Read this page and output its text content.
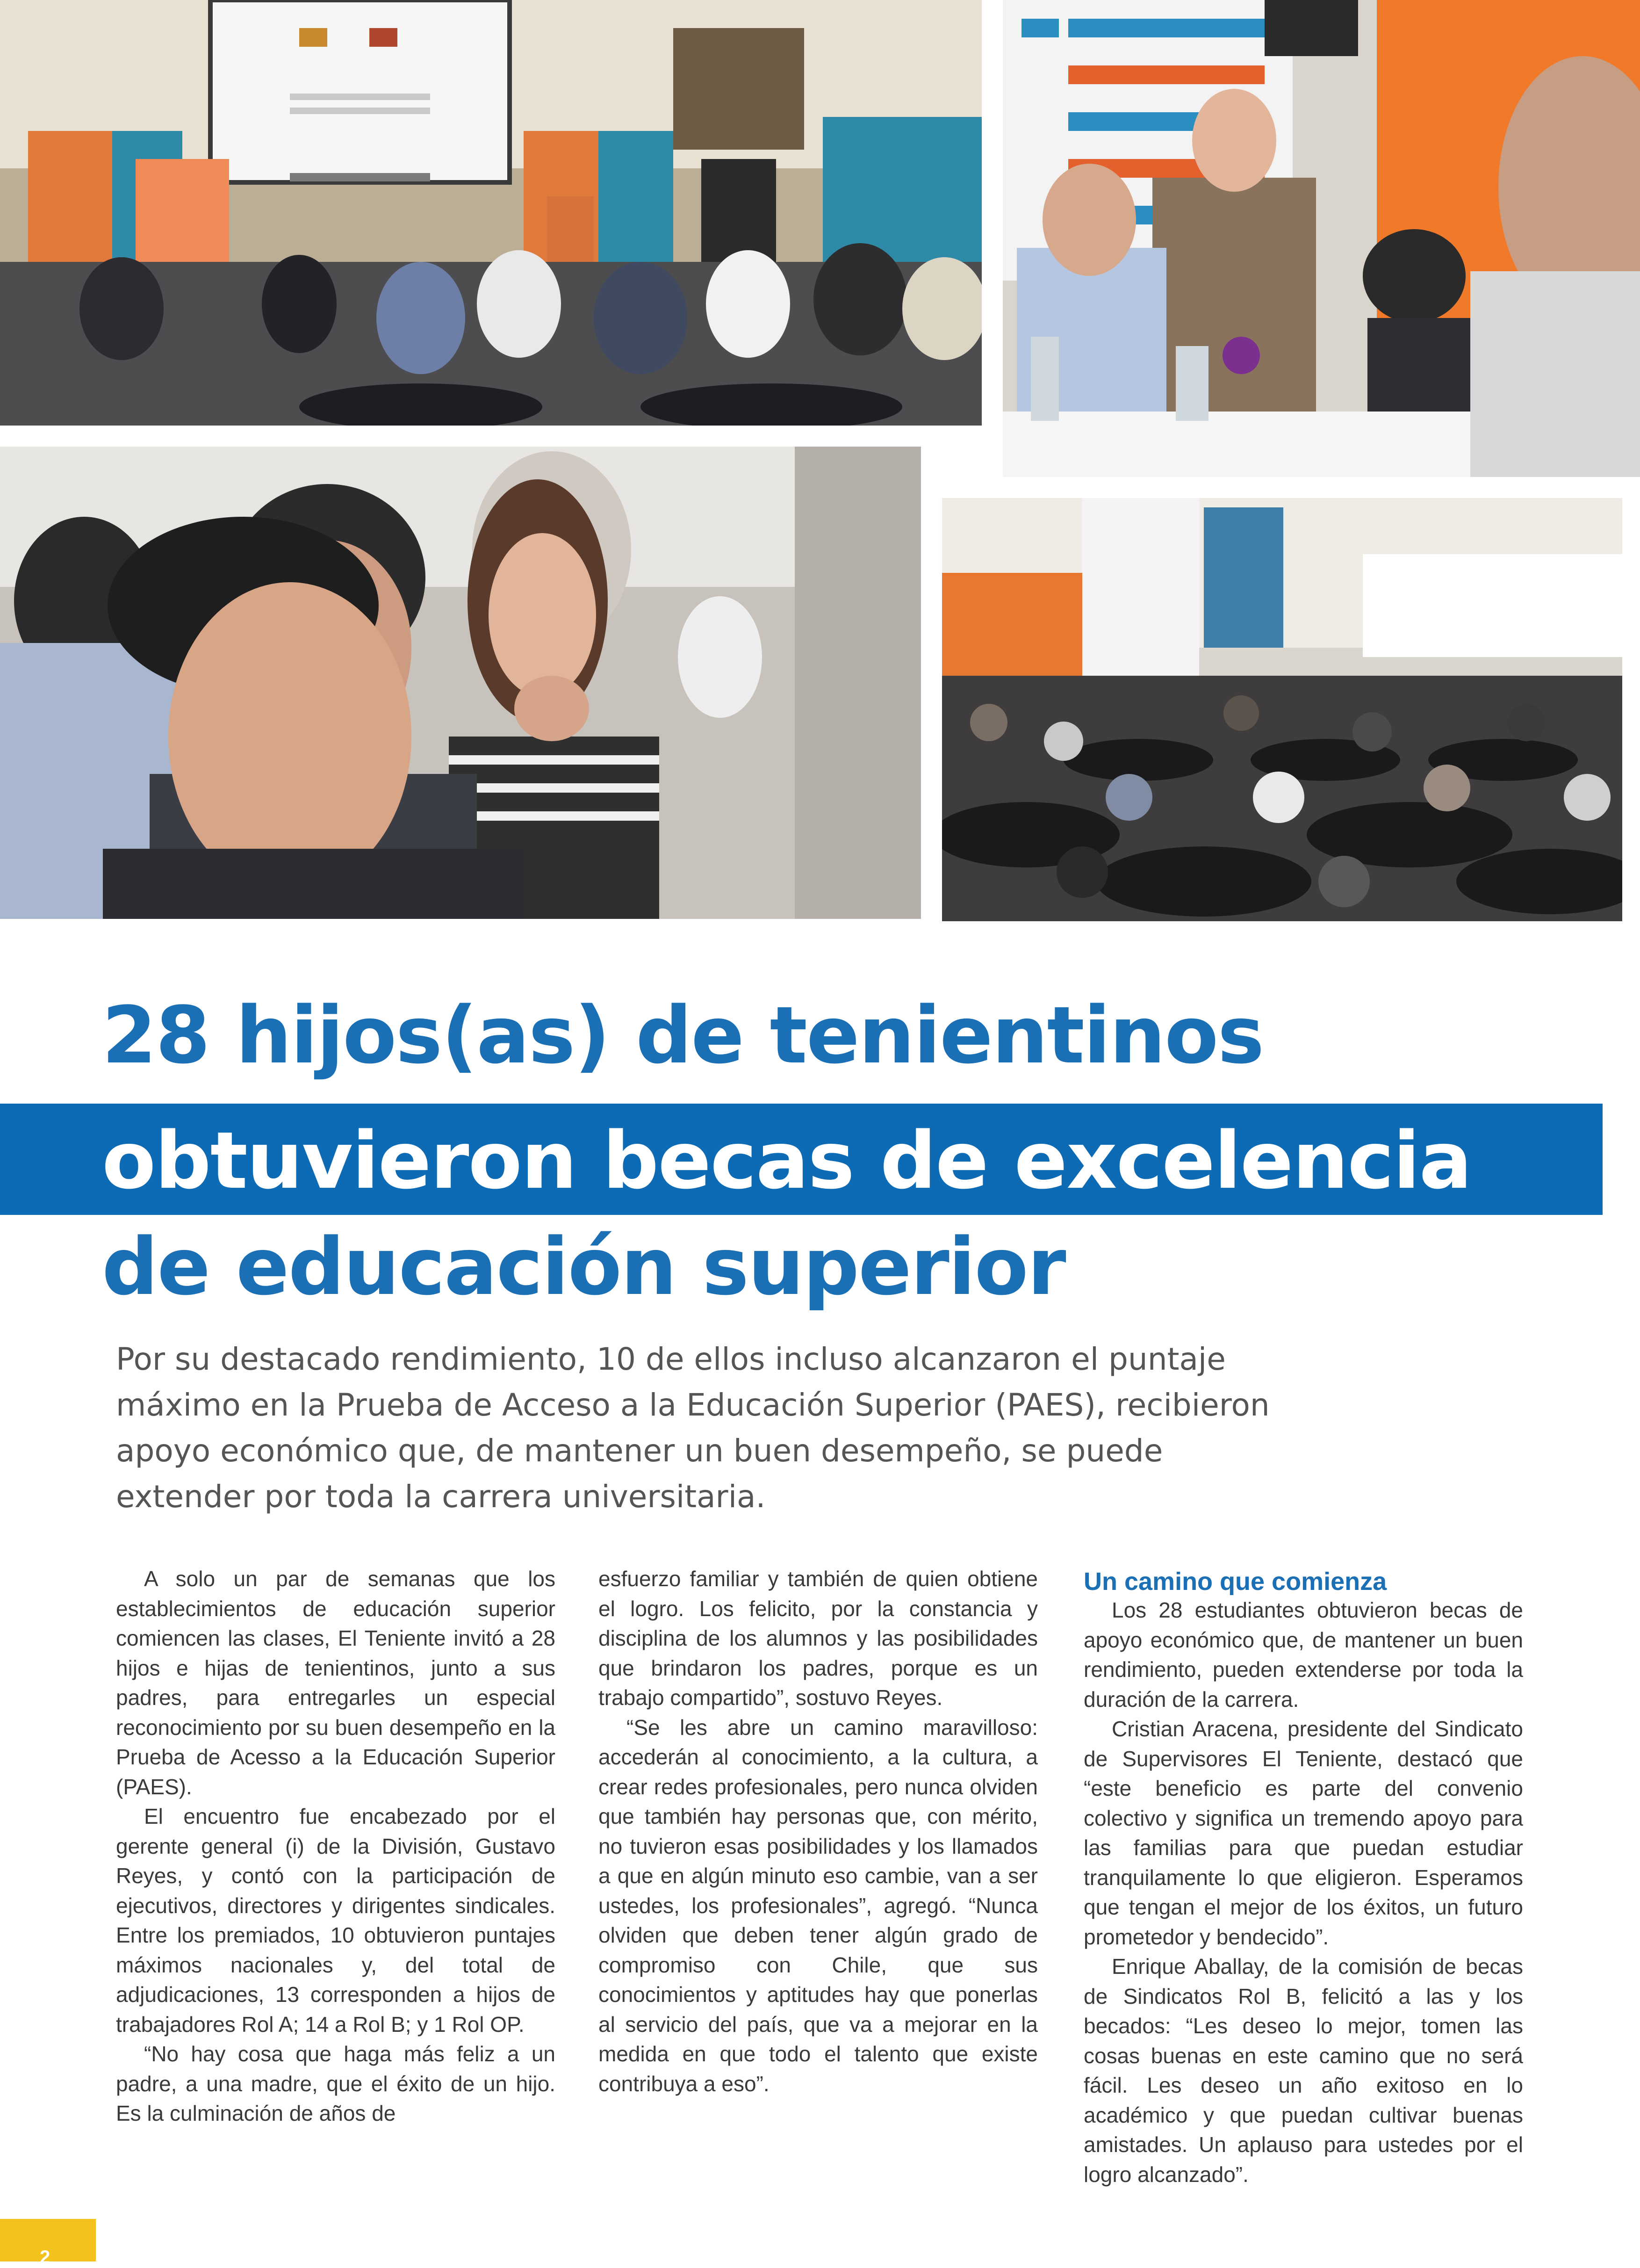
28 hijos(as) de tenientinos
obtuvieron becas de excelencia
de educación superior
Por su destacado rendimiento, 10 de ellos incluso alcanzaron el puntaje
máximo en la Prueba de Acceso a la Educación Superior (PAES), recibieron
apoyo económico que, de mantener un buen desempeño, se puede
extender por toda la carrera universitaria.

A solo un par de semanas que los establecimientos de educación superior comiencen las clases, El Teniente invitó a 28 hijos e hijas de tenientinos, junto a sus padres, para entregarles un especial reconocimiento por su buen desempeño en la Prueba de Acesso a la Educación Superior (PAES).

El encuentro fue encabezado por el gerente general (i) de la División, Gustavo Reyes, y contó con la participación de ejecutivos, directores y dirigentes sindicales. Entre los premiados, 10 obtuvieron puntajes máximos nacionales y, del total de adjudicaciones, 13 corresponden a hijos de trabajadores Rol A; 14 a Rol B; y 1 Rol OP.

“No hay cosa que haga más feliz a un padre, a una madre, que el éxito de un hijo. Es la culminación de años de

esfuerzo familiar y también de quien obtiene el logro. Los felicito, por la constancia y disciplina de los alumnos y las posibilidades que brindaron los padres, porque es un trabajo compartido”, sostuvo Reyes.

“Se les abre un camino maravilloso: accederán al conocimiento, a la cultura, a crear redes profesionales, pero nunca olviden que también hay personas que, con mérito, no tuvieron esas posibilidades y los llamados a que en algún minuto eso cambie, van a ser ustedes, los profesionales”, agregó. “Nunca olviden que deben tener algún grado de compromiso con Chile, que sus conocimientos y aptitudes hay que ponerlas al servicio del país, que va a mejorar en la medida en que todo el talento que existe contribuya a eso”.

Un camino que comienza

Los 28 estudiantes obtuvieron becas de apoyo económico que, de mantener un buen rendimiento, pueden extenderse por toda la duración de la carrera.

Cristian Aracena, presidente del Sindicato de Supervisores El Teniente, destacó que “este beneficio es parte del convenio colectivo y significa un tremendo apoyo para las familias para que puedan estudiar tranquilamente lo que eligieron. Esperamos que tengan el mejor de los éxitos, un futuro prometedor y bendecido”.

Enrique Aballay, de la comisión de becas de Sindicatos Rol B, felicitó a las y los becados: “Les deseo lo mejor, tomen las cosas buenas en este camino que no será fácil. Les deseo un año exitoso en lo académico y que puedan cultivar buenas amistades. Un aplauso para ustedes por el logro alcanzado”.

2
